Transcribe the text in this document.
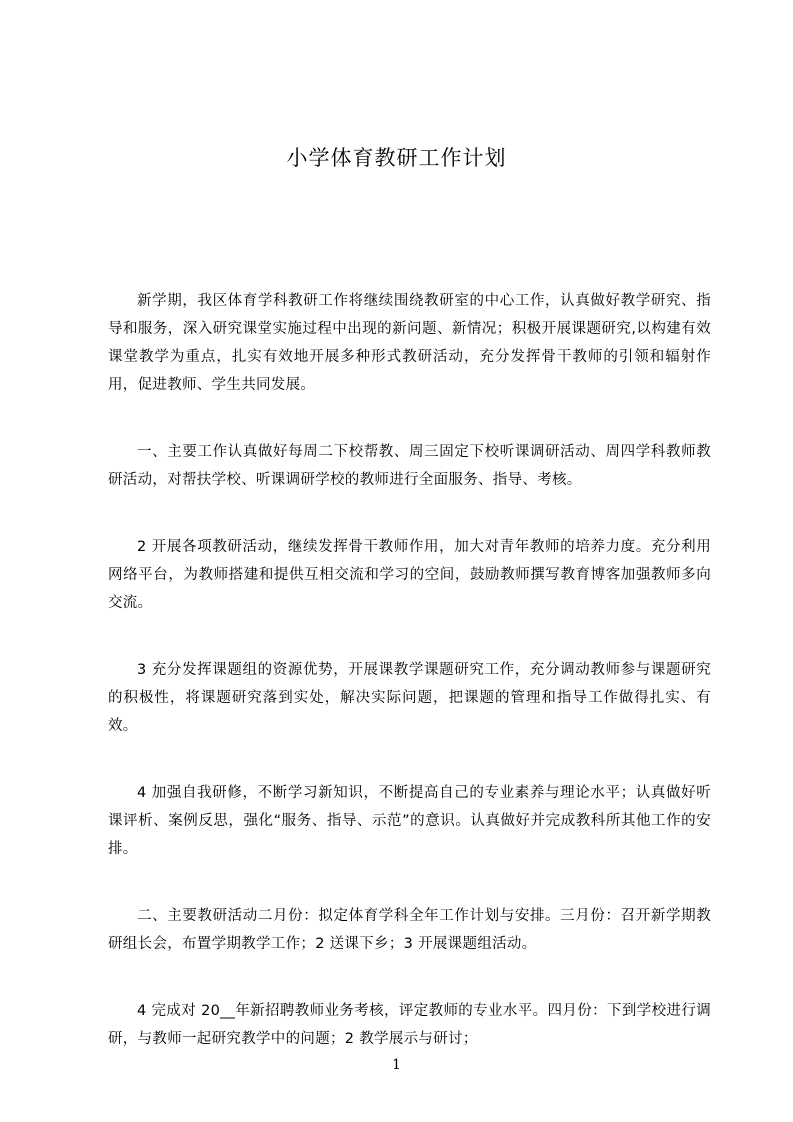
小学体育教研工作计划

新学期，我区体育学科教研工作将继续围绕教研室的中心工作，认真做好教学研究、指导和服务，深入研究课堂实施过程中出现的新问题、新情况；积极开展课题研究,以构建有效课堂教学为重点，扎实有效地开展多种形式教研活动，充分发挥骨干教师的引领和辐射作用，促进教师、学生共同发展。

一、主要工作认真做好每周二下校帮教、周三固定下校听课调研活动、周四学科教师教研活动，对帮扶学校、听课调研学校的教师进行全面服务、指导、考核。

2 开展各项教研活动，继续发挥骨干教师作用，加大对青年教师的培养力度。充分利用网络平台，为教师搭建和提供互相交流和学习的空间，鼓励教师撰写教育博客加强教师多向交流。

3 充分发挥课题组的资源优势，开展课教学课题研究工作，充分调动教师参与课题研究的积极性，将课题研究落到实处，解决实际问题，把课题的管理和指导工作做得扎实、有效。

4 加强自我研修，不断学习新知识，不断提高自己的专业素养与理论水平；认真做好听课评析、案例反思，强化“服务、指导、示范”的意识。认真做好并完成教科所其他工作的安排。

二、主要教研活动二月份：拟定体育学科全年工作计划与安排。三月份：召开新学期教研组长会，布置学期教学工作；2 送课下乡；3 开展课题组活动。

4 完成对 20__年新招聘教师业务考核，评定教师的专业水平。四月份：下到学校进行调研，与教师一起研究教学中的问题；2 教学展示与研讨；

1
